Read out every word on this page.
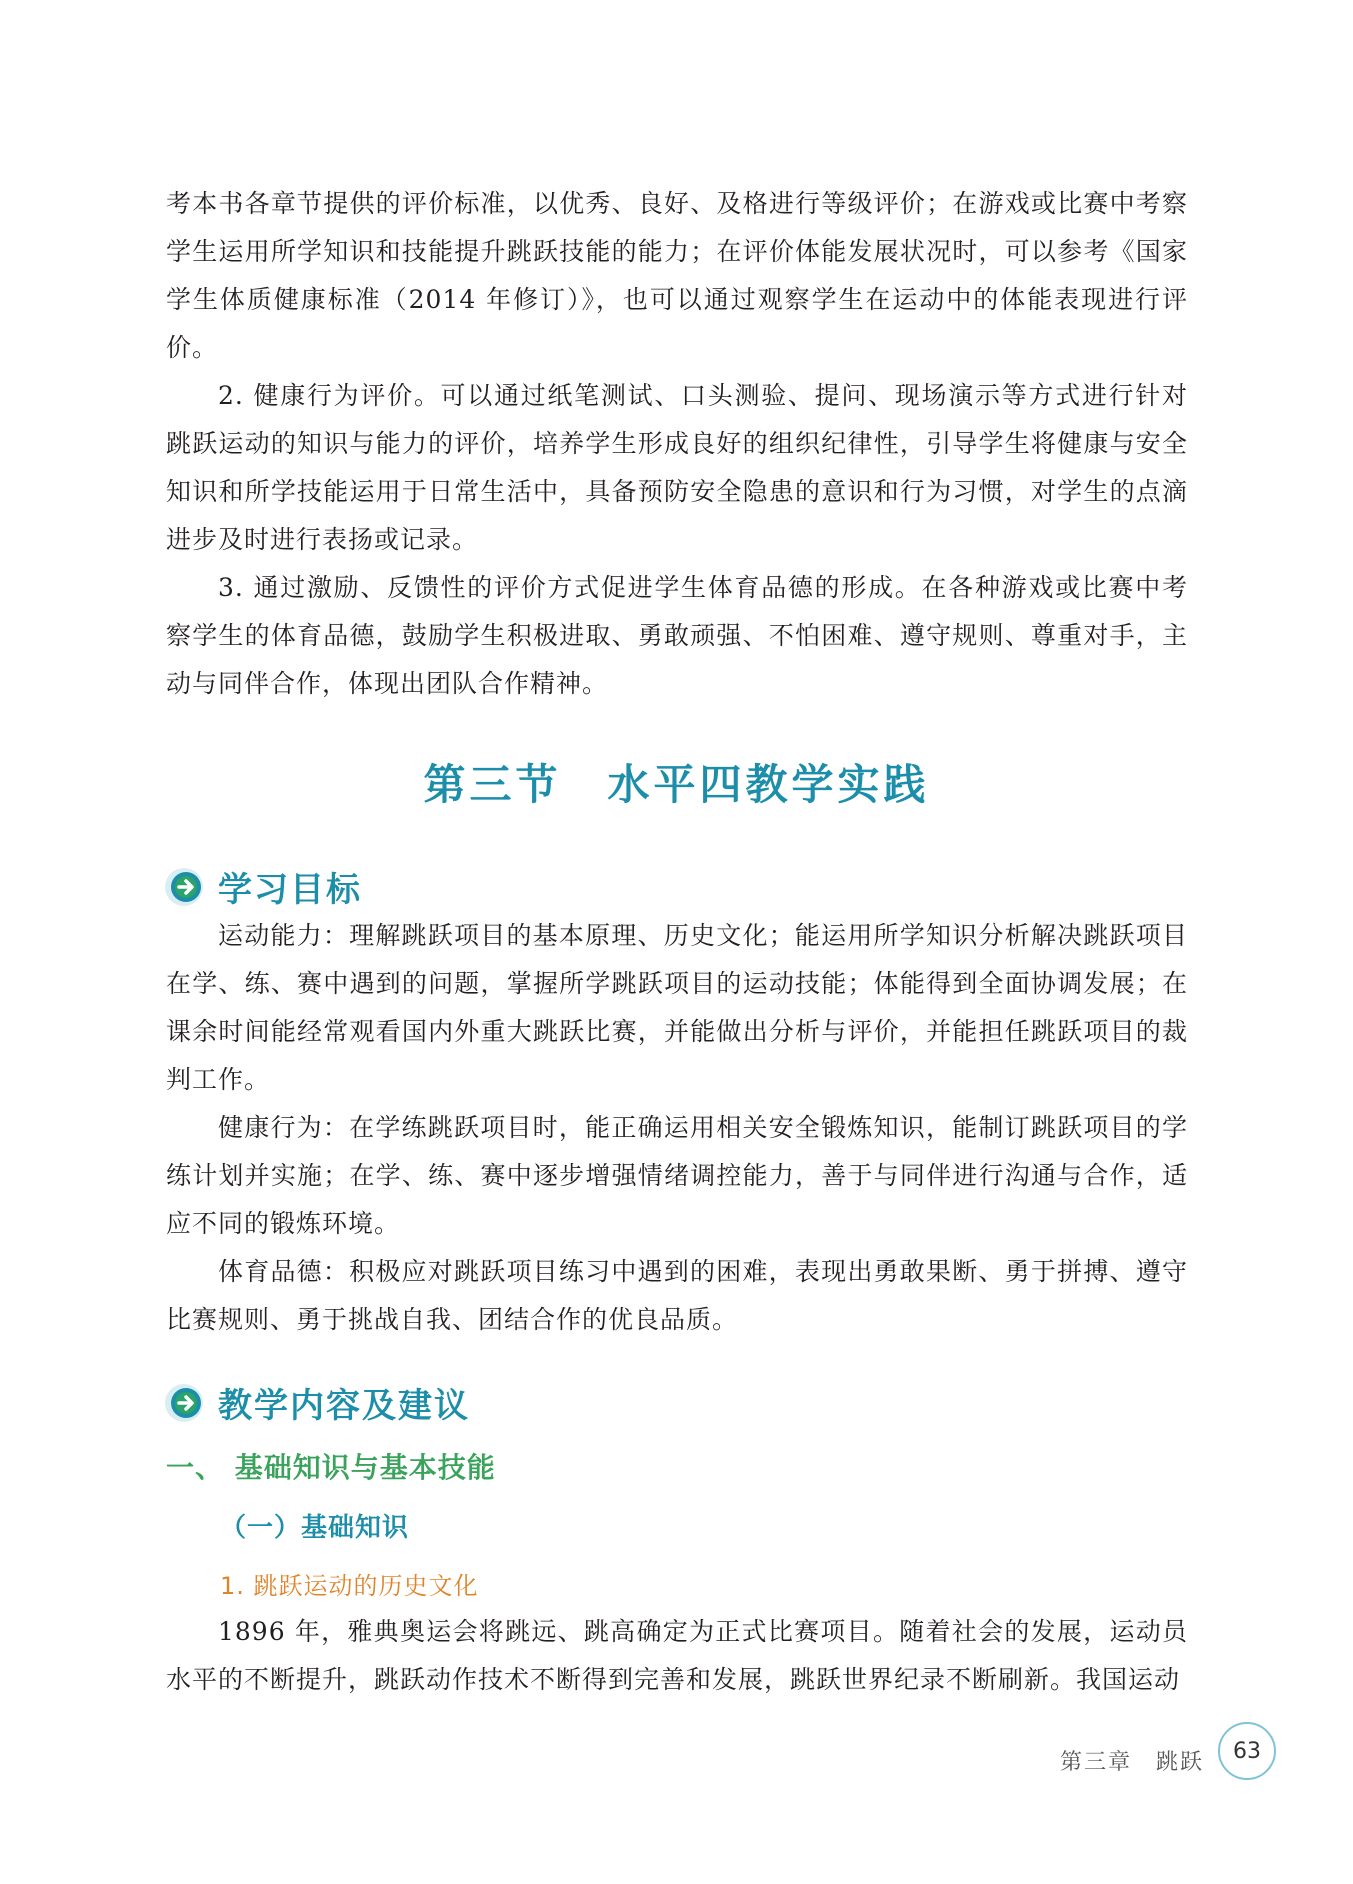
考本书各章节提供的评价标准，以优秀、良好、及格进行等级评价；在游戏或比赛中考察学生运用所学知识和技能提升跳跃技能的能力；在评价体能发展状况时，可以参考《国家学生体质健康标准（2014 年修订）》，也可以通过观察学生在运动中的体能表现进行评价。

2. 健康行为评价。可以通过纸笔测试、口头测验、提问、现场演示等方式进行针对跳跃运动的知识与能力的评价，培养学生形成良好的组织纪律性，引导学生将健康与安全知识和所学技能运用于日常生活中，具备预防安全隐患的意识和行为习惯，对学生的点滴进步及时进行表扬或记录。

3. 通过激励、反馈性的评价方式促进学生体育品德的形成。在各种游戏或比赛中考察学生的体育品德，鼓励学生积极进取、勇敢顽强、不怕困难、遵守规则、尊重对手，主动与同伴合作，体现出团队合作精神。

第三节 水平四教学实践
学习目标

运动能力：理解跳跃项目的基本原理、历史文化；能运用所学知识分析解决跳跃项目在学、练、赛中遇到的问题，掌握所学跳跃项目的运动技能；体能得到全面协调发展；在课余时间能经常观看国内外重大跳跃比赛，并能做出分析与评价，并能担任跳跃项目的裁判工作。

健康行为：在学练跳跃项目时，能正确运用相关安全锻炼知识，能制订跳跃项目的学练计划并实施；在学、练、赛中逐步增强情绪调控能力，善于与同伴进行沟通与合作，适应不同的锻炼环境。

体育品德：积极应对跳跃项目练习中遇到的困难，表现出勇敢果断、勇于拼搏、遵守比赛规则、勇于挑战自我、团结合作的优良品质。

教学内容及建议
一、 基础知识与基本技能
（一）基础知识
1. 跳跃运动的历史文化

1896 年，雅典奥运会将跳远、跳高确定为正式比赛项目。随着社会的发展，运动员水平的不断提升，跳跃动作技术不断得到完善和发展，跳跃世界纪录不断刷新。我国运动

第三章　跳跃	63
